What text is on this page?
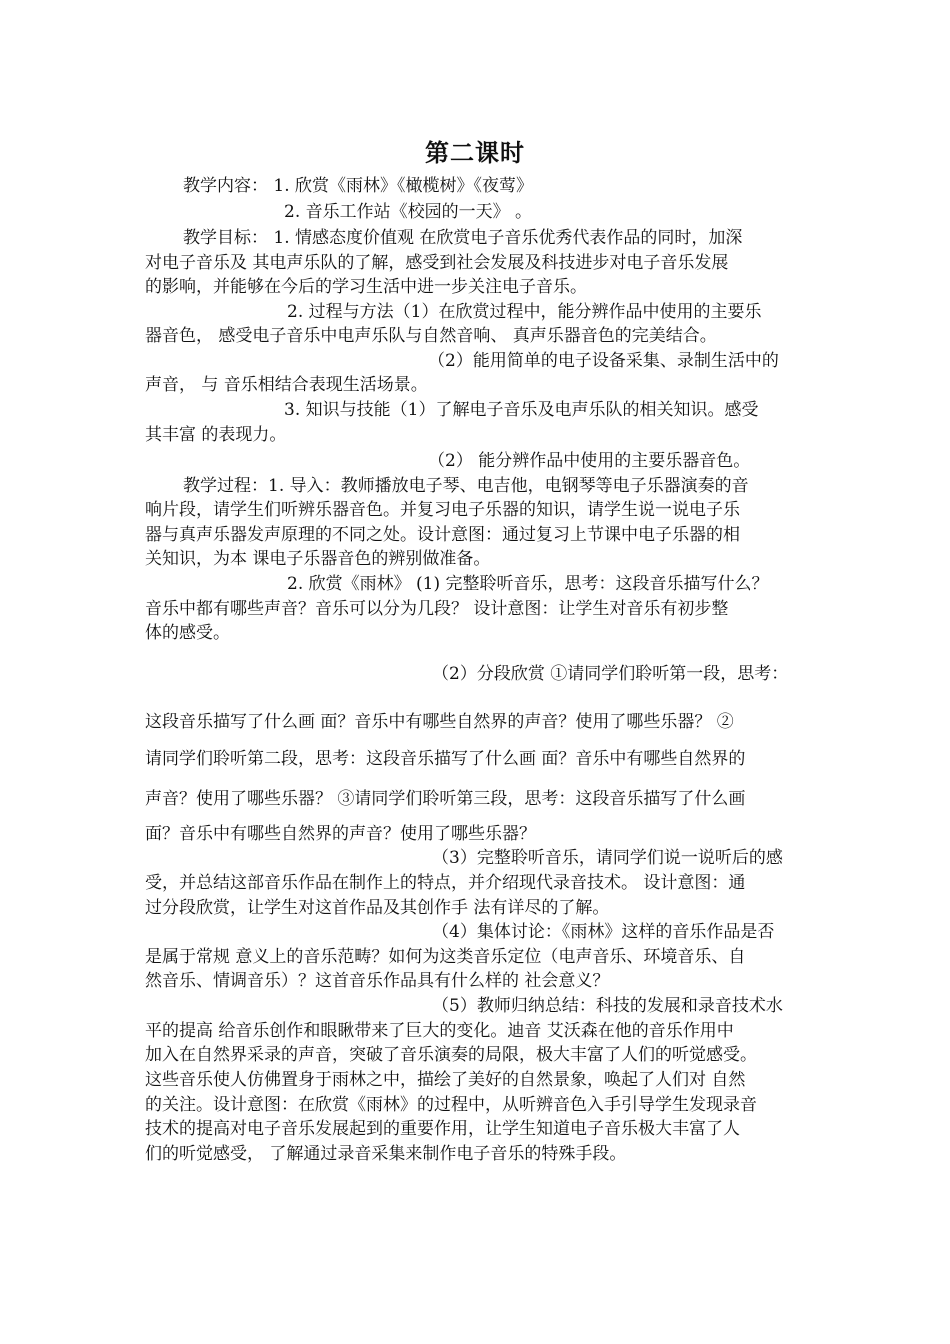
第二课时
教学内容： 1. 欣赏《雨林》《橄榄树》《夜莺》
2. 音乐工作站《校园的一天》 。
教学目标： 1. 情感态度价值观 在欣赏电子音乐优秀代表作品的同时，加深
对电子音乐及 其电声乐队的了解，感受到社会发展及科技进步对电子音乐发展
的影响，并能够在今后的学习生活中进一步关注电子音乐。
2. 过程与方法（1）在欣赏过程中，能分辨作品中使用的主要乐
器音色， 感受电子音乐中电声乐队与自然音响、 真声乐器音色的完美结合。
（2）能用简单的电子设备采集、录制生活中的
声音， 与 音乐相结合表现生活场景。
3. 知识与技能（1）了解电子音乐及电声乐队的相关知识。感受
其丰富 的表现力。
（2） 能分辨作品中使用的主要乐器音色。
教学过程：1. 导入：教师播放电子琴、电吉他，电钢琴等电子乐器演奏的音
响片段，请学生们听辨乐器音色。并复习电子乐器的知识，请学生说一说电子乐
器与真声乐器发声原理的不同之处。设计意图：通过复习上节课中电子乐器的相
关知识，为本 课电子乐器音色的辨别做准备。
2. 欣赏《雨林》 (1) 完整聆听音乐，思考：这段音乐描写什么？
音乐中都有哪些声音？音乐可以分为几段？ 设计意图：让学生对音乐有初步整
体的感受。
（2）分段欣赏 ①请同学们聆听第一段，思考：
这段音乐描写了什么画 面？音乐中有哪些自然界的声音？使用了哪些乐器？ ②
请同学们聆听第二段，思考：这段音乐描写了什么画 面？音乐中有哪些自然界的
声音？使用了哪些乐器？ ③请同学们聆听第三段，思考：这段音乐描写了什么画
面？音乐中有哪些自然界的声音？使用了哪些乐器？
（3）完整聆听音乐，请同学们说一说听后的感
受，并总结这部音乐作品在制作上的特点，并介绍现代录音技术。 设计意图：通
过分段欣赏，让学生对这首作品及其创作手 法有详尽的了解。
（4）集体讨论：《雨林》这样的音乐作品是否
是属于常规 意义上的音乐范畴？如何为这类音乐定位（电声音乐、环境音乐、自
然音乐、情调音乐）？这首音乐作品具有什么样的 社会意义？
（5）教师归纳总结：科技的发展和录音技术水
平的提高 给音乐创作和眼瞅带来了巨大的变化。迪音 艾沃森在他的音乐作用中
加入在自然界采录的声音，突破了音乐演奏的局限，极大丰富了人们的听觉感受。
这些音乐使人仿佛置身于雨林之中，描绘了美好的自然景象，唤起了人们对 自然
的关注。设计意图：在欣赏《雨林》的过程中，从听辨音色入手引导学生发现录音
技术的提高对电子音乐发展起到的重要作用，让学生知道电子音乐极大丰富了人
们的听觉感受， 了解通过录音采集来制作电子音乐的特殊手段。
